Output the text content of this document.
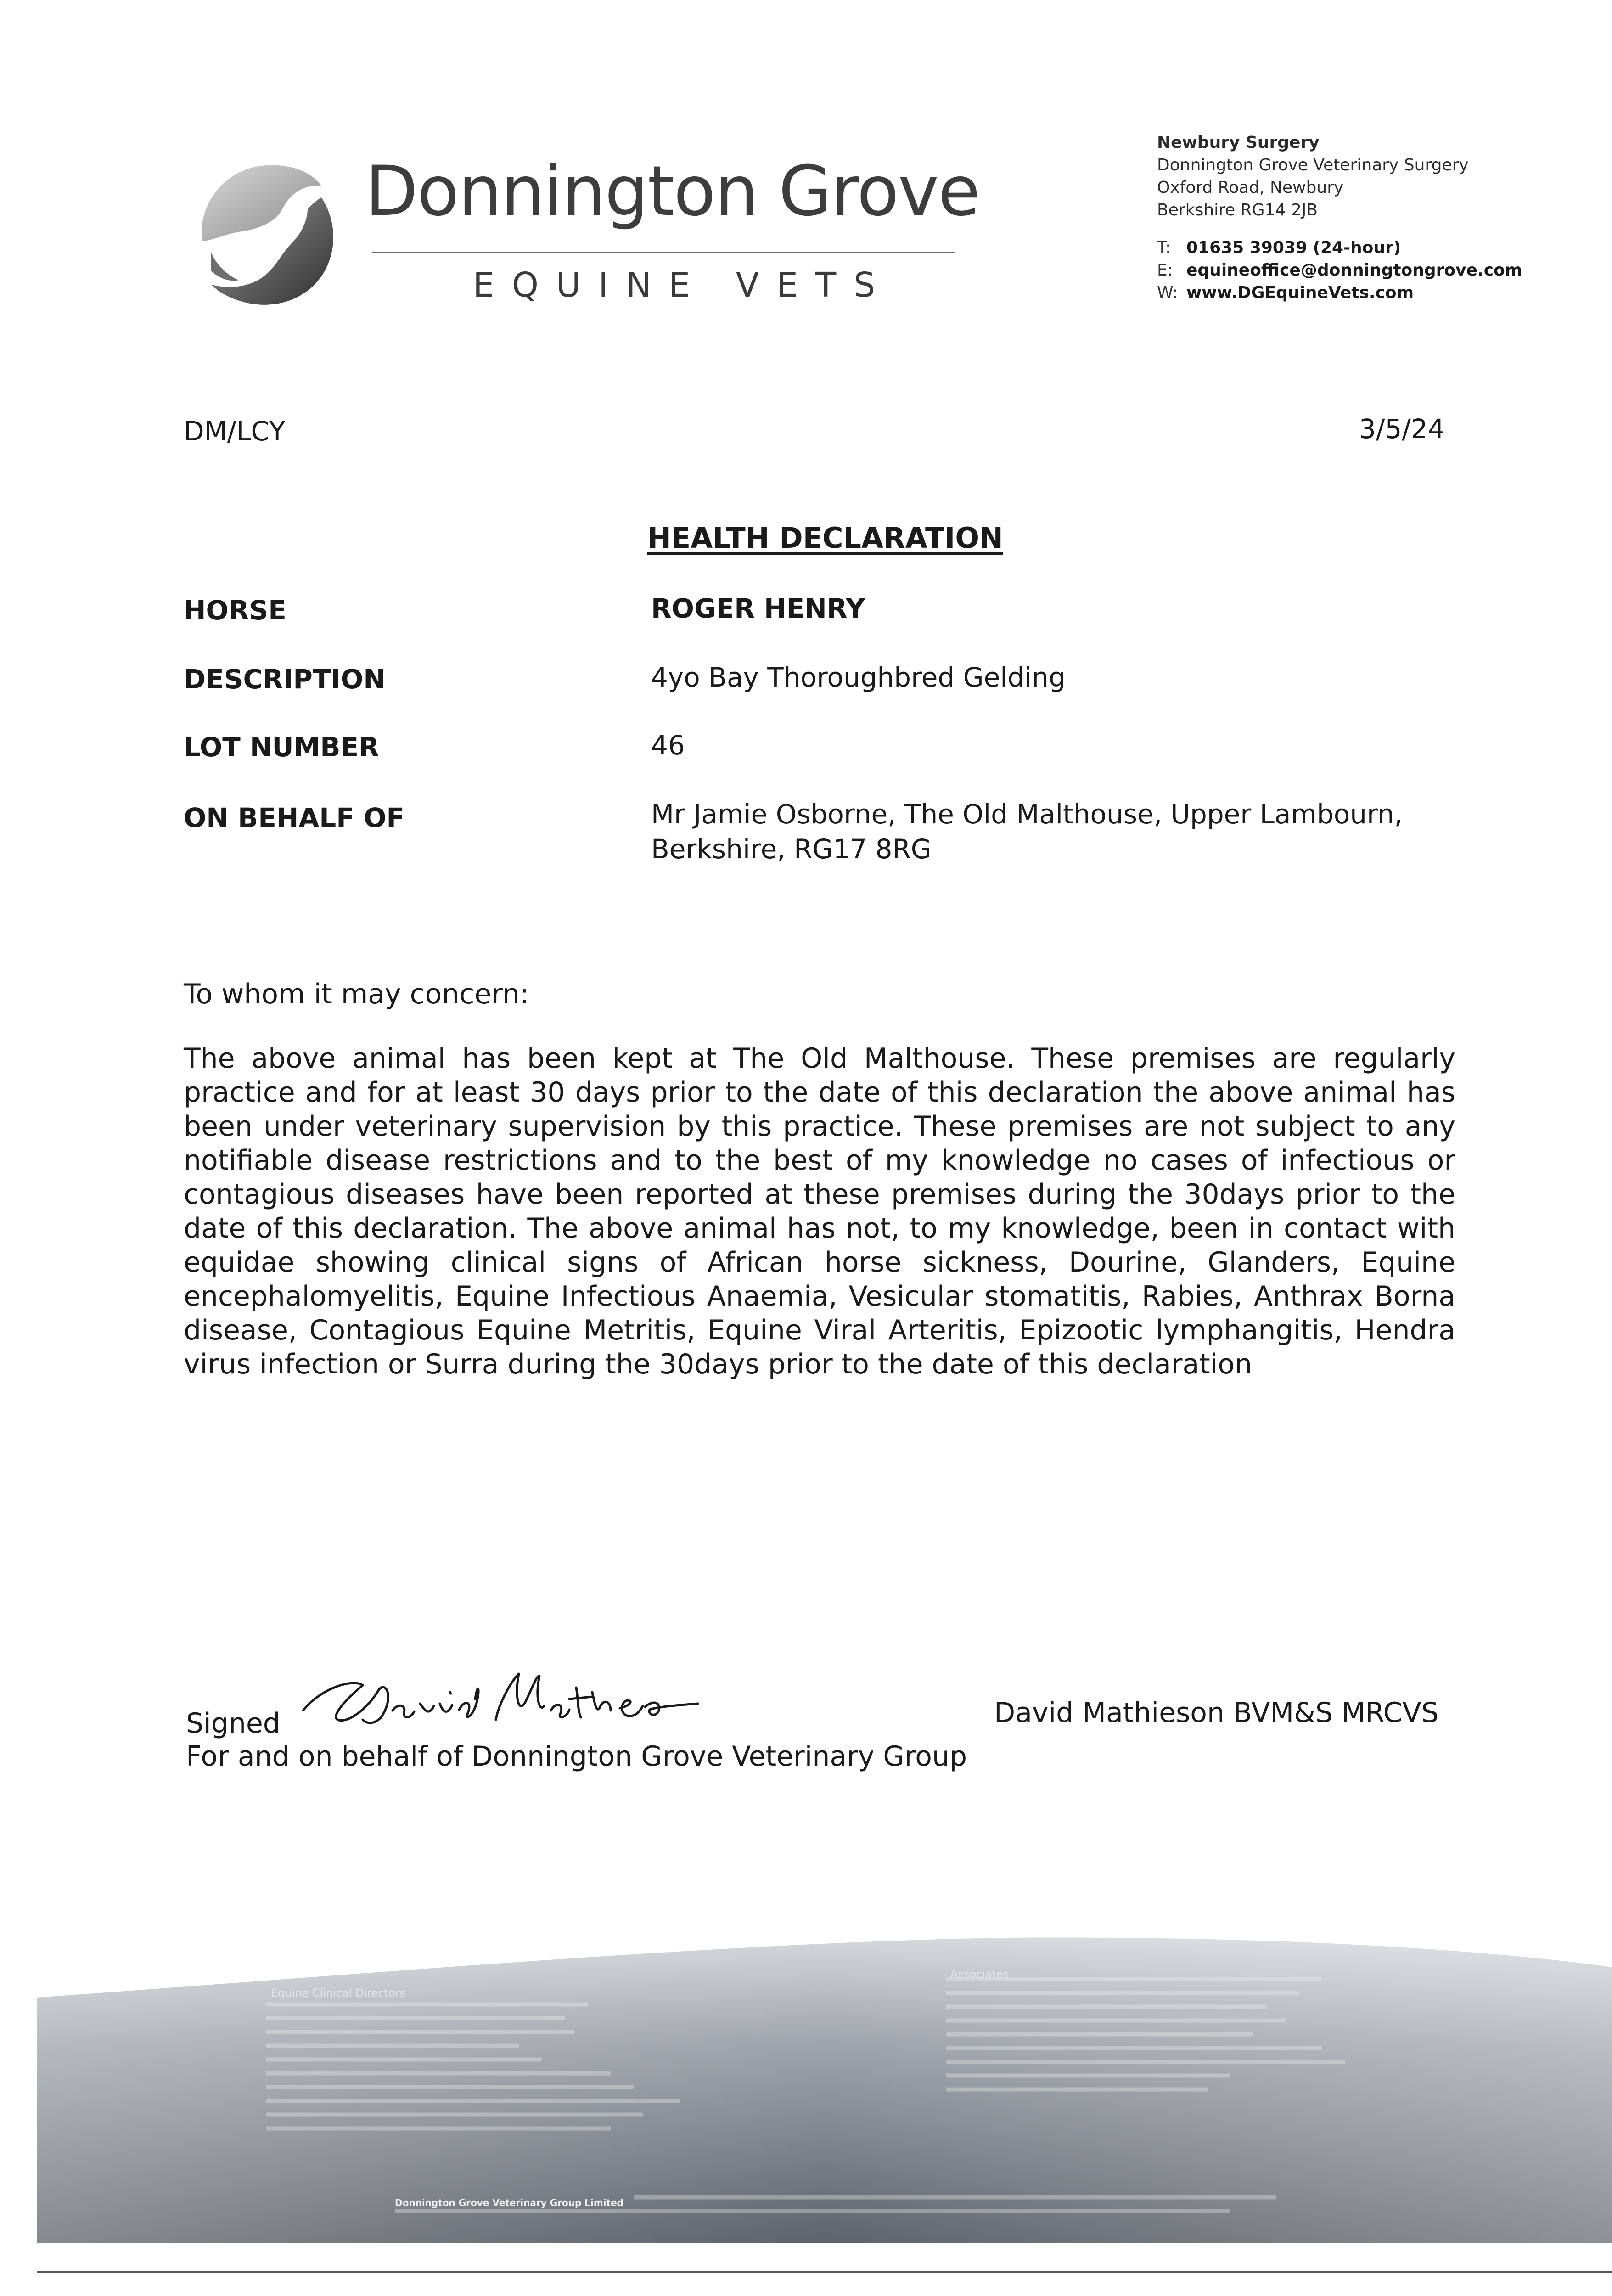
Donnington Grove
EQUINE VETS
Newbury Surgery
Donnington Grove Veterinary Surgery
Oxford Road, Newbury
Berkshire RG14 2JB
T: 01635 39039 (24-hour)
E: equineoffice@donningtongrove.com
W: www.DGEquineVets.com
DM/LCY	3/5/24
HEALTH DECLARATION
HORSE	ROGER HENRY
DESCRIPTION	4yo Bay Thoroughbred Gelding
LOT NUMBER	46
ON BEHALF OF	Mr Jamie Osborne, The Old Malthouse, Upper Lambourn,
Berkshire, RG17 8RG
To whom it may concern:
The above animal has been kept at The Old Malthouse. These premises are regularly practice and for at least 30 days prior to the date of this declaration the above animal has been under veterinary supervision by this practice. These premises are not subject to any notifiable disease restrictions and to the best of my knowledge no cases of infectious or contagious diseases have been reported at these premises during the 30days prior to the date of this declaration. The above animal has not, to my knowledge, been in contact with equidae showing clinical signs of African horse sickness, Dourine, Glanders, Equine encephalomyelitis, Equine Infectious Anaemia, Vesicular stomatitis, Rabies, Anthrax Borna disease, Contagious Equine Metritis, Equine Viral Arteritis, Epizootic lymphangitis, Hendra virus infection or Surra during the 30days prior to the date of this declaration
Signed	David Mathieson BVM&S MRCVS
For and on behalf of Donnington Grove Veterinary Group
Equine Clinical Directors
Associates
Donnington Grove Veterinary Group Limited
